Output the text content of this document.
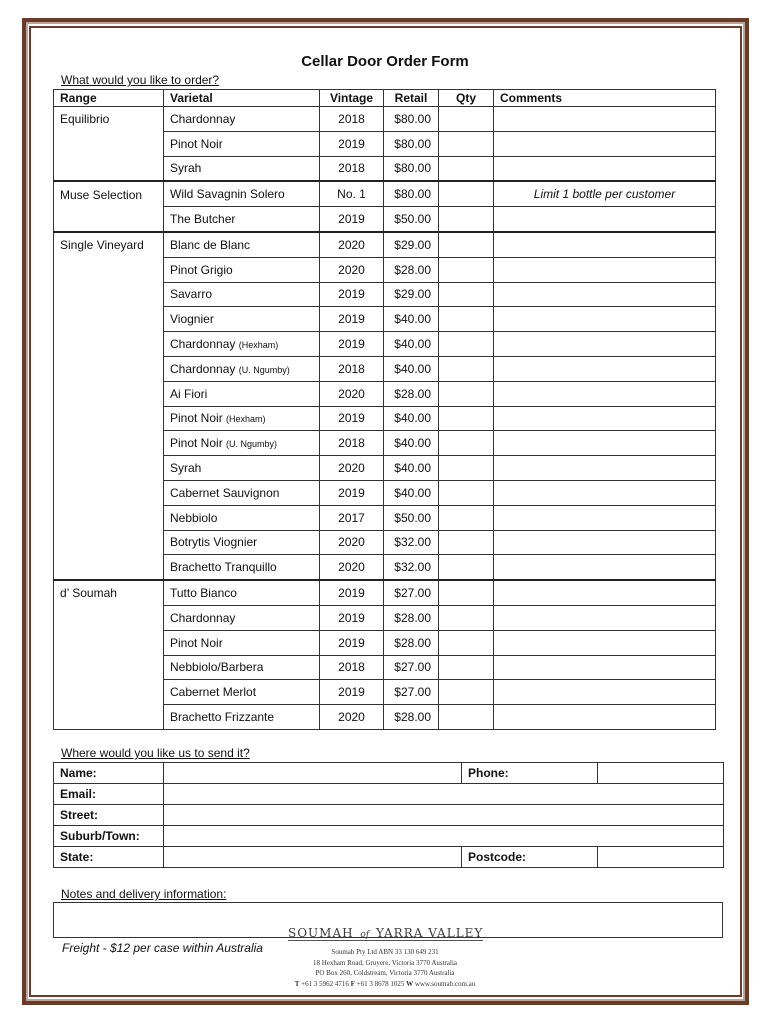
Cellar Door Order Form
What would you like to order?
Range	Varietal	Vintage	Retail	Qty	Comments
Equilibrio	Chardonnay	2018	$80.00		
	Pinot Noir	2019	$80.00		
	Syrah	2018	$80.00		
Muse Selection	Wild Savagnin Solero	No. 1	$80.00		Limit 1 bottle per customer
	The Butcher	2019	$50.00		
Single Vineyard	Blanc de Blanc	2020	$29.00		
	Pinot Grigio	2020	$28.00		
	Savarro	2019	$29.00		
	Viognier	2019	$40.00		
	Chardonnay (Hexham)	2019	$40.00		
	Chardonnay (U. Ngumby)	2018	$40.00		
	Ai Fiori	2020	$28.00		
	Pinot Noir (Hexham)	2019	$40.00		
	Pinot Noir (U. Ngumby)	2018	$40.00		
	Syrah	2020	$40.00		
	Cabernet Sauvignon	2019	$40.00		
	Nebbiolo	2017	$50.00		
	Botrytis Viognier	2020	$32.00		
	Brachetto Tranquillo	2020	$32.00		
d’ Soumah	Tutto Bianco	2019	$27.00		
	Chardonnay	2019	$28.00		
	Pinot Noir	2019	$28.00		
	Nebbiolo/Barbera	2018	$27.00		
	Cabernet Merlot	2019	$27.00		
	Brachetto Frizzante	2020	$28.00		
Where would you like us to send it?
Name:		Phone:	
Email:			
Street:			
Suburb/Town:			
State:		Postcode:	
Notes and delivery information:
Freight - $12 per case within Australia
SOUMAH of YARRA VALLEY
Soumah Pty Ltd ABN 33 130 649 231
18 Hexham Road, Gruyere, Victoria 3770 Australia
PO Box 260, Coldstream, Victoria 3770 Australia
T +61 3 5962 4716 F +61 3 8678 1025 W www.soumah.com.au
